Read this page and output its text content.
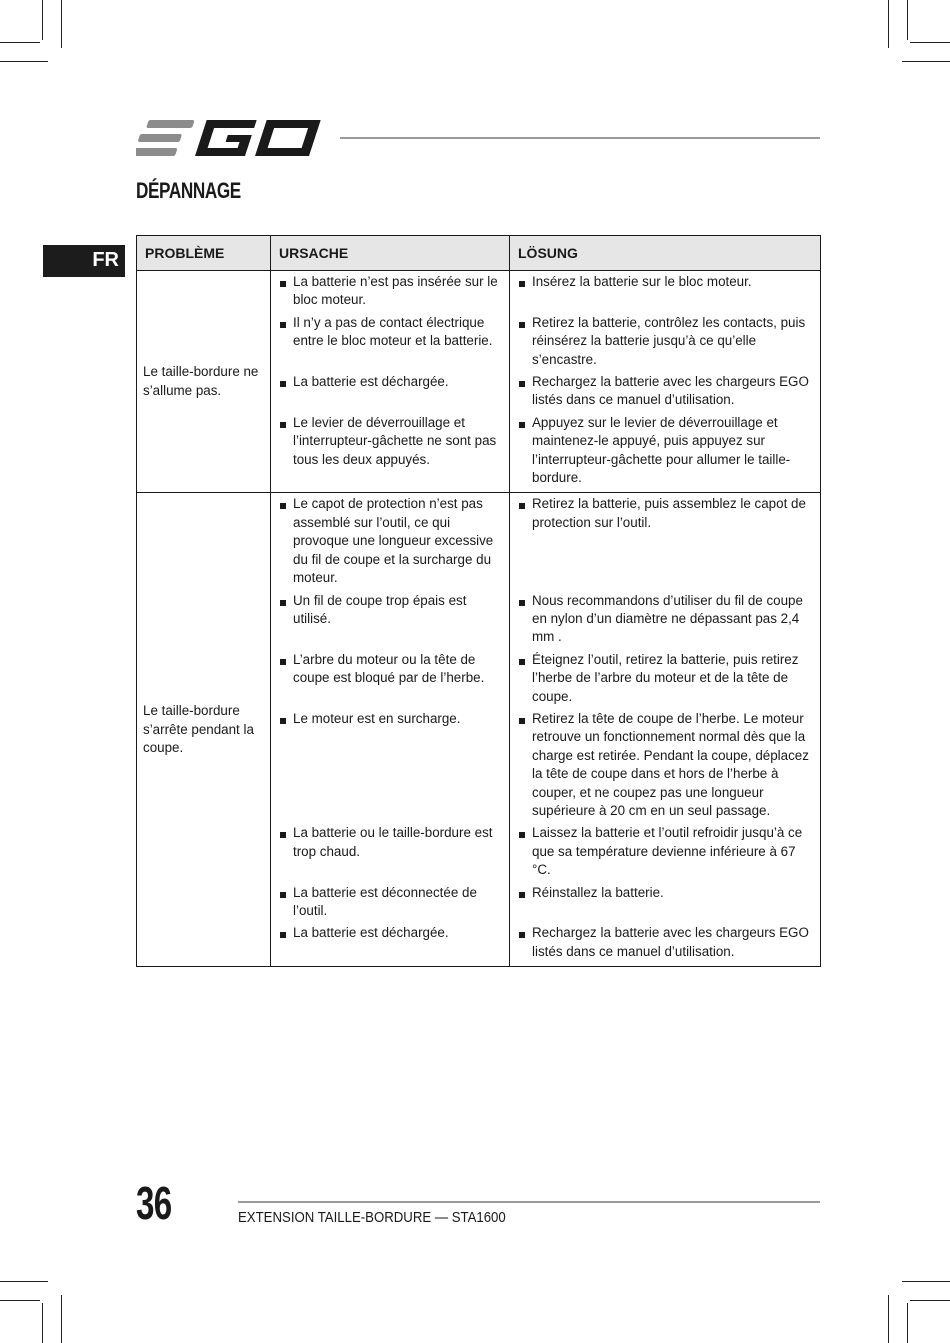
DÉPANNAGE
FR	PROBLÈME	URSACHE	LÖSUNG
Le taille-bordure ne s’allume pas.	La batterie n’est pas insérée sur le bloc moteur.	Insérez la batterie sur le bloc moteur.

	Il n’y a pas de contact électrique entre le bloc moteur et la batterie.	Retirez la batterie, contrôlez les contacts, puis réinsérez la batterie jusqu’à ce qu’elle s’encastre.

	La batterie est déchargée.	Rechargez la batterie avec les chargeurs EGO listés dans ce manuel d’utilisation.

	Le levier de déverrouillage et l’interrupteur-gâchette ne sont pas tous les deux appuyés.	Appuyez sur le levier de déverrouillage et maintenez-le appuyé, puis appuyez sur l’interrupteur-gâchette pour allumer le taille-bordure.

Le taille-bordure s’arrête pendant la coupe.	Le capot de protection n’est pas assemblé sur l’outil, ce qui provoque une longueur excessive du fil de coupe et la surcharge du moteur.	Retirez la batterie, puis assemblez le capot de protection sur l’outil.

	Un fil de coupe trop épais est utilisé.	Nous recommandons d’utiliser du fil de coupe en nylon d’un diamètre ne dépassant pas 2,4 mm .

	L’arbre du moteur ou la tête de coupe est bloqué par de l’herbe.	Éteignez l’outil, retirez la batterie, puis retirez l’herbe de l’arbre du moteur et de la tête de coupe.

	Le moteur est en surcharge.	Retirez la tête de coupe de l’herbe. Le moteur retrouve un fonctionnement normal dès que la charge est retirée. Pendant la coupe, déplacez la tête de coupe dans et hors de l’herbe à couper, et ne coupez pas une longueur supérieure à 20 cm en un seul passage.

	La batterie ou le taille-bordure est trop chaud.	Laissez la batterie et l’outil refroidir jusqu’à ce que sa température devienne inférieure à 67 °C.

	La batterie est déconnectée de l’outil.	Réinstallez la batterie.

	La batterie est déchargée.	Rechargez la batterie avec les chargeurs EGO listés dans ce manuel d’utilisation.
36	EXTENSION TAILLE-BORDURE — STA1600
